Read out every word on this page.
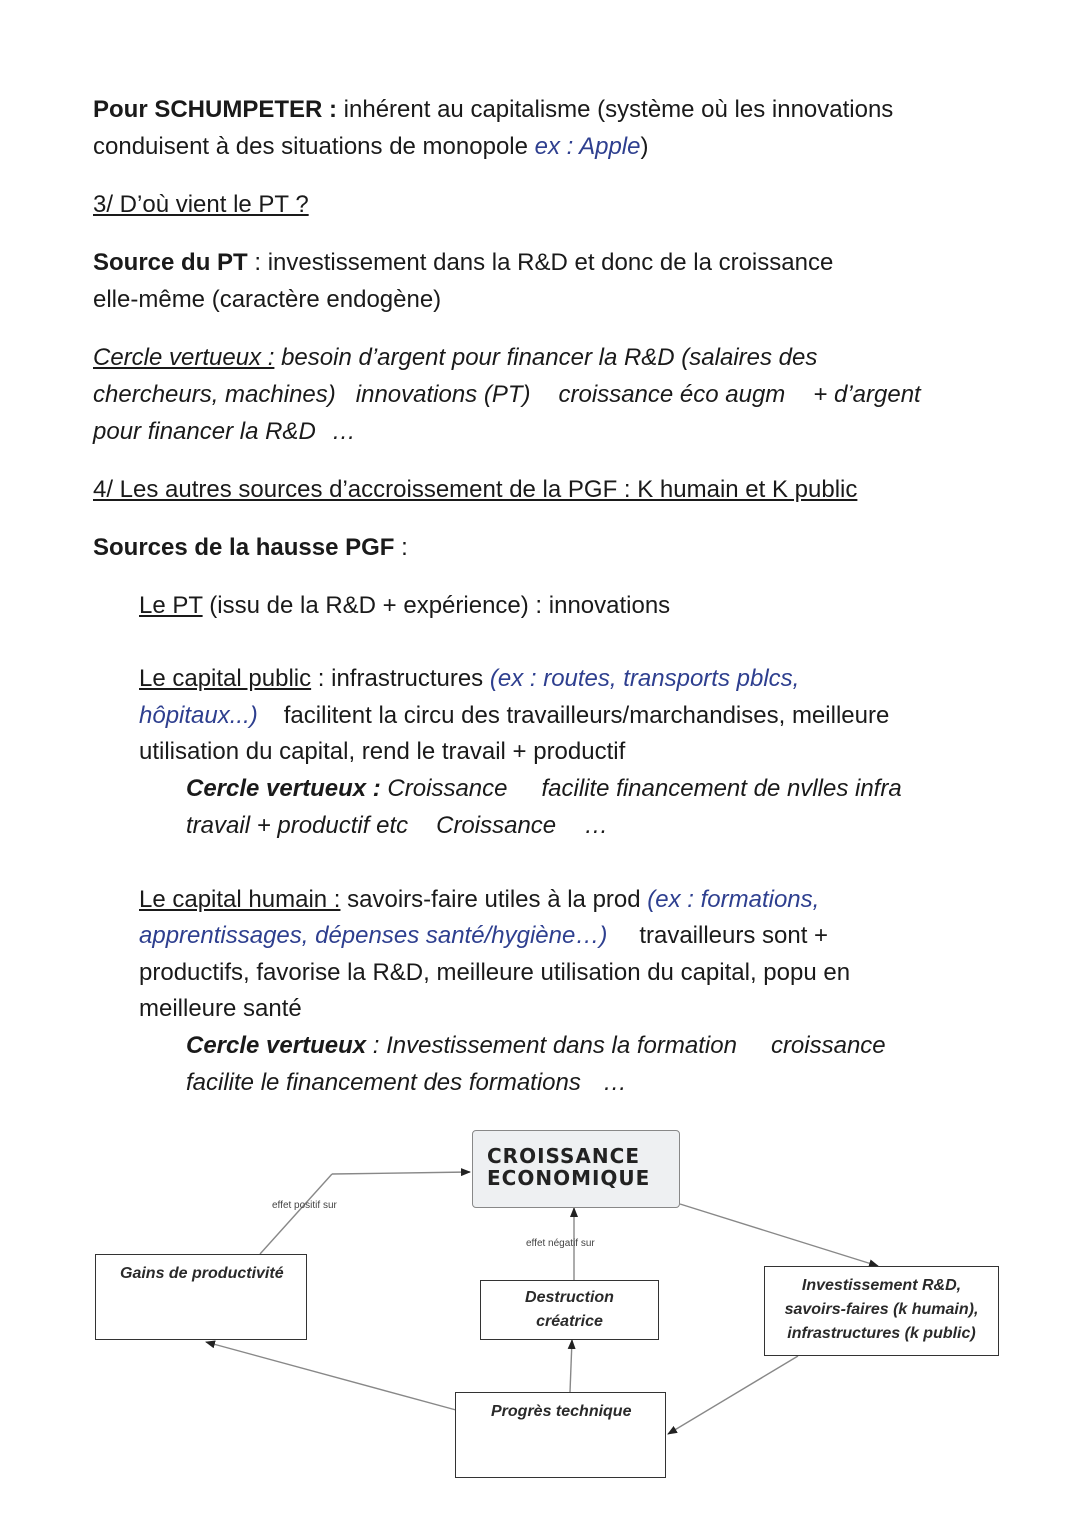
Pour SCHUMPETER : inhérent au capitalisme (système où les innovations
conduisent à des situations de monopole ex : Apple)
3/ D’où vient le PT ?
Source du PT : investissement dans la R&D et donc de la croissance
elle-même (caractère endogène)
Cercle vertueux : besoin d’argent pour financer la R&D (salaires des
chercheurs, machines) innovations (PT) croissance éco augm + d’argent
pour financer la R&D …
4/ Les autres sources d’accroissement de la PGF : K humain et K public
Sources de la hausse PGF :
Le PT (issu de la R&D + expérience) : innovations
Le capital public : infrastructures (ex : routes, transports pblcs,
hôpitaux...) facilitent la circu des travailleurs/marchandises, meilleure
utilisation du capital, rend le travail + productif
Cercle vertueux : Croissance facilite financement de nvlles infra
travail + productif etc Croissance …
Le capital humain : savoirs-faire utiles à la prod (ex : formations,
apprentissages, dépenses santé/hygiène…) travailleurs sont +
productifs, favorise la R&D, meilleure utilisation du capital, popu en
meilleure santé
Cercle vertueux : Investissement dans la formation croissance
facilite le financement des formations …
CROISSANCE
ECONOMIQUE
effet positif sur
effet négatif sur
Gains de productivité
Destruction
créatrice
Investissement R&D,
savoirs-faires (k humain),
infrastructures (k public)
Progrès technique
